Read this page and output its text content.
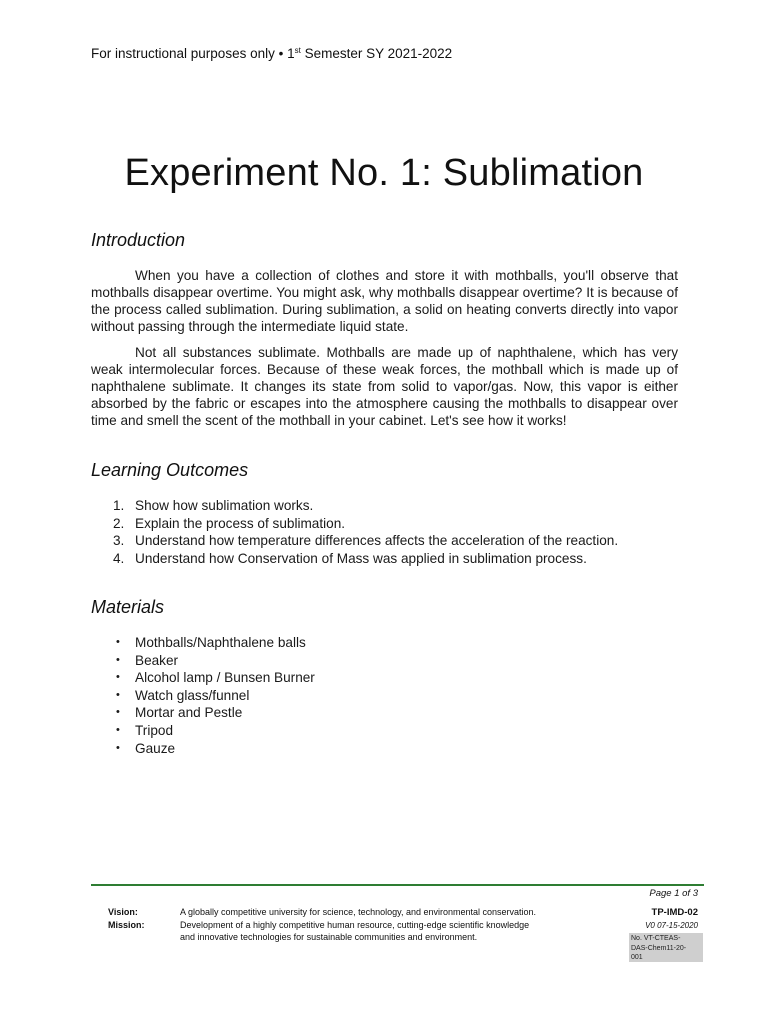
For instructional purposes only • 1st Semester SY 2021-2022
Experiment No. 1: Sublimation
Introduction

When you have a collection of clothes and store it with mothballs, you'll observe that mothballs disappear overtime. You might ask, why mothballs disappear overtime? It is because of the process called sublimation. During sublimation, a solid on heating converts directly into vapor without passing through the intermediate liquid state.

Not all substances sublimate. Mothballs are made up of naphthalene, which has very weak intermolecular forces. Because of these weak forces, the mothball which is made up of naphthalene sublimate. It changes its state from solid to vapor/gas. Now, this vapor is either absorbed by the fabric or escapes into the atmosphere causing the mothballs to disappear over time and smell the scent of the mothball in your cabinet. Let's see how it works!

Learning Outcomes
1. Show how sublimation works.
2. Explain the process of sublimation.
3. Understand how temperature differences affects the acceleration of the reaction.
4. Understand how Conservation of Mass was applied in sublimation process.
Materials
• Mothballs/Naphthalene balls
• Beaker
• Alcohol lamp / Bunsen Burner
• Watch glass/funnel
• Mortar and Pestle
• Tripod
• Gauze
Page 1 of 3
Vision:
Mission:
A globally competitive university for science, technology, and environmental conservation.
Development of a highly competitive human resource, cutting-edge scientific knowledge
and innovative technologies for sustainable communities and environment.
TP-IMD-02
V0 07-15-2020
No. VT-CTEAS-
DAS-Chem11-20-
001
